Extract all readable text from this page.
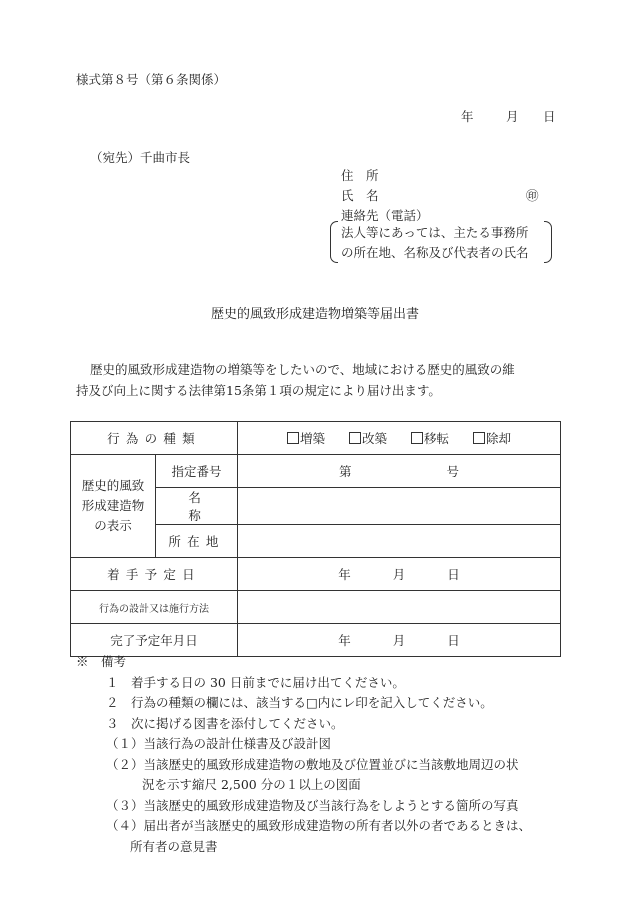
様式第８号（第６条関係）
年	月 日
（宛先）千曲市長
住　所
氏　名	㊞
連絡先（電話）
法人等にあっては、主たる事務所
の所在地、名称及び代表者の氏名
歴史的風致形成建造物増築等届出書
歴史的風致形成建造物の増築等をしたいので、地域における歴史的風致の維
持及び向上に関する法律第15条第１項の規定により届け出ます。
行為の種類		増築 改築 移転 除却

歴史的風致
形成建造物
の表示	指定番号	第 号
	名称	
	所在地	
着手予定日		年 月 日
行為の設計又は施行方法		
完了予定年月日		年 月 日
※　備考
１　着手する日の 30 日前までに届け出てください。
２　行為の種類の欄には、該当する□内にレ印を記入してください。
３　次に掲げる図書を添付してください。
（１）当該行為の設計仕様書及び設計図
（２）当該歴史的風致形成建造物の敷地及び位置並びに当該敷地周辺の状
況を示す縮尺 2,500 分の１以上の図面
（３）当該歴史的風致形成建造物及び当該行為をしようとする箇所の写真
（４）届出者が当該歴史的風致形成建造物の所有者以外の者であるときは、
所有者の意見書
